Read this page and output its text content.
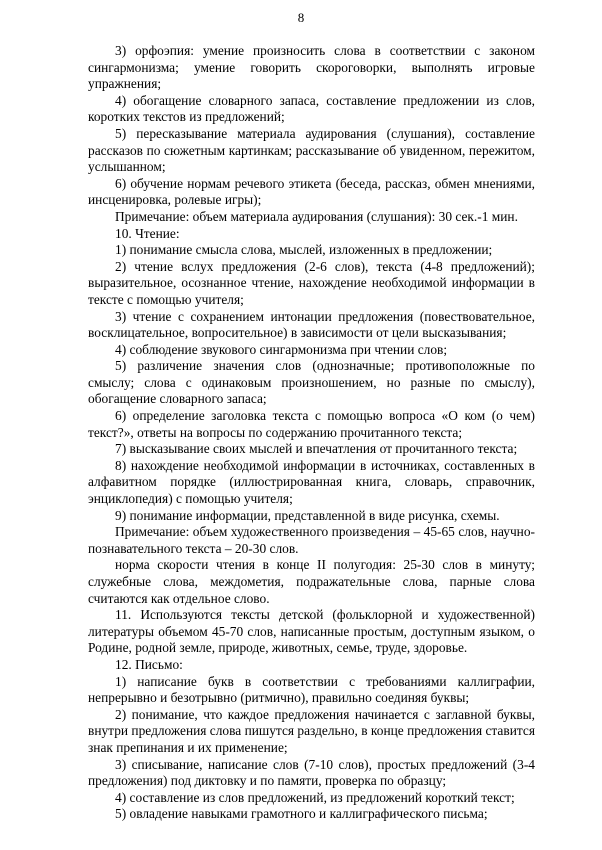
8

3) орфоэпия: умение произносить слова в соответствии с законом сингармонизма; умение говорить скороговорки, выполнять игровые упражнения;

4) обогащение словарного запаса, составление предложении из слов, коротких текстов из предложений;

5) пересказывание материала аудирования (слушания), составление рассказов по сюжетным картинкам; рассказывание об увиденном, пережитом, услышанном;

6) обучение нормам речевого этикета (беседа, рассказ, обмен мнениями, инсценировка, ролевые игры);

Примечание: объем материала аудирования (слушания): 30 сек.-1 мин.

10. Чтение:

1) понимание смысла слова, мыслей, изложенных в предложении;

2) чтение вслух предложения (2-6 слов), текста (4-8 предложений); выразительное, осознанное чтение, нахождение необходимой информации в тексте с помощью учителя;

3) чтение с сохранением интонации предложения (повествовательное, восклицательное, вопросительное) в зависимости от цели высказывания;

4) соблюдение звукового сингармонизма при чтении слов;

5) различение значения слов (однозначные; противоположные по смыслу; слова с одинаковым произношением, но разные по смыслу), обогащение словарного запаса;

6) определение заголовка текста с помощью вопроса «О ком (о чем) текст?», ответы на вопросы по содержанию прочитанного текста;

7) высказывание своих мыслей и впечатления от прочитанного текста;

8) нахождение необходимой информации в источниках, составленных в алфавитном порядке (иллюстрированная книга, словарь, справочник, энциклопедия) с помощью учителя;

9) понимание информации, представленной в виде рисунка, схемы.

Примечание: объем художественного произведения – 45-65 слов, научно-познавательного текста – 20-30 слов.

норма скорости чтения в конце II полугодия: 25-30 слов в минуту; служебные слова, междометия, подражательные слова, парные слова считаются как отдельное слово.

11. Используются тексты детской (фольклорной и художественной) литературы объемом 45-70 слов, написанные простым, доступным языком, о Родине, родной земле, природе, животных, семье, труде, здоровье.

12. Письмо:

1) написание букв в соответствии с требованиями каллиграфии, непрерывно и безотрывно (ритмично), правильно соединяя буквы;

2) понимание, что каждое предложения начинается с заглавной буквы, внутри предложения слова пишутся раздельно, в конце предложения ставится знак препинания и их применение;

3) списывание, написание слов (7-10 слов), простых предложений (3-4 предложения) под диктовку и по памяти, проверка по образцу;

4) составление из слов предложений, из предложений короткий текст;

5) овладение навыками грамотного и каллиграфического письма;
